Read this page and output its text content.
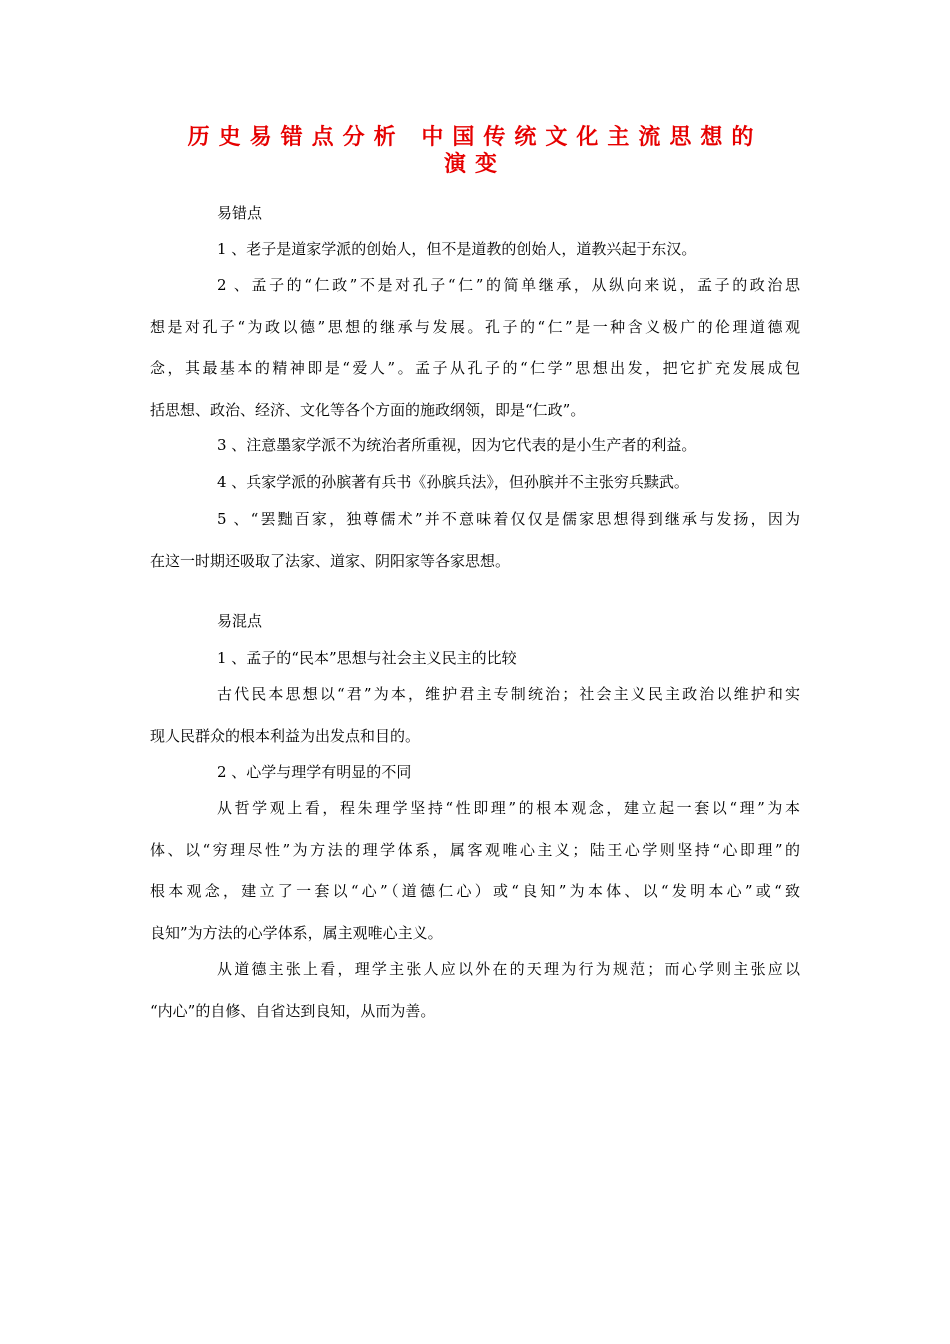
历史易错点分析 中国传统文化主流思想的
演变
易错点
1 、老子是道家学派的创始人，但不是道教的创始人，道教兴起于东汉。
2 、孟子的“仁政”不是对孔子“仁”的简单继承，从纵向来说，孟子的政治思
想是对孔子“为政以德”思想的继承与发展。孔子的“仁”是一种含义极广的伦理道德观
念，其最基本的精神即是“爱人”。孟子从孔子的“仁学”思想出发，把它扩充发展成包
括思想、政治、经济、文化等各个方面的施政纲领，即是“仁政”。
3 、注意墨家学派不为统治者所重视，因为它代表的是小生产者的利益。
4 、兵家学派的孙膑著有兵书《孙膑兵法》，但孙膑并不主张穷兵黩武。
5 、“罢黜百家，独尊儒术”并不意味着仅仅是儒家思想得到继承与发扬，因为
在这一时期还吸取了法家、道家、阴阳家等各家思想。
易混点
1 、孟子的“民本”思想与社会主义民主的比较
古代民本思想以“君”为本，维护君主专制统治；社会主义民主政治以维护和实
现人民群众的根本利益为出发点和目的。
2 、心学与理学有明显的不同
从哲学观上看，程朱理学坚持“性即理”的根本观念，建立起一套以“理”为本
体、以“穷理尽性”为方法的理学体系，属客观唯心主义；陆王心学则坚持“心即理”的
根本观念，建立了一套以“心”（道德仁心）或“良知”为本体、以“发明本心”或“致
良知”为方法的心学体系，属主观唯心主义。
从道德主张上看，理学主张人应以外在的天理为行为规范；而心学则主张应以
“内心”的自修、自省达到良知，从而为善。
